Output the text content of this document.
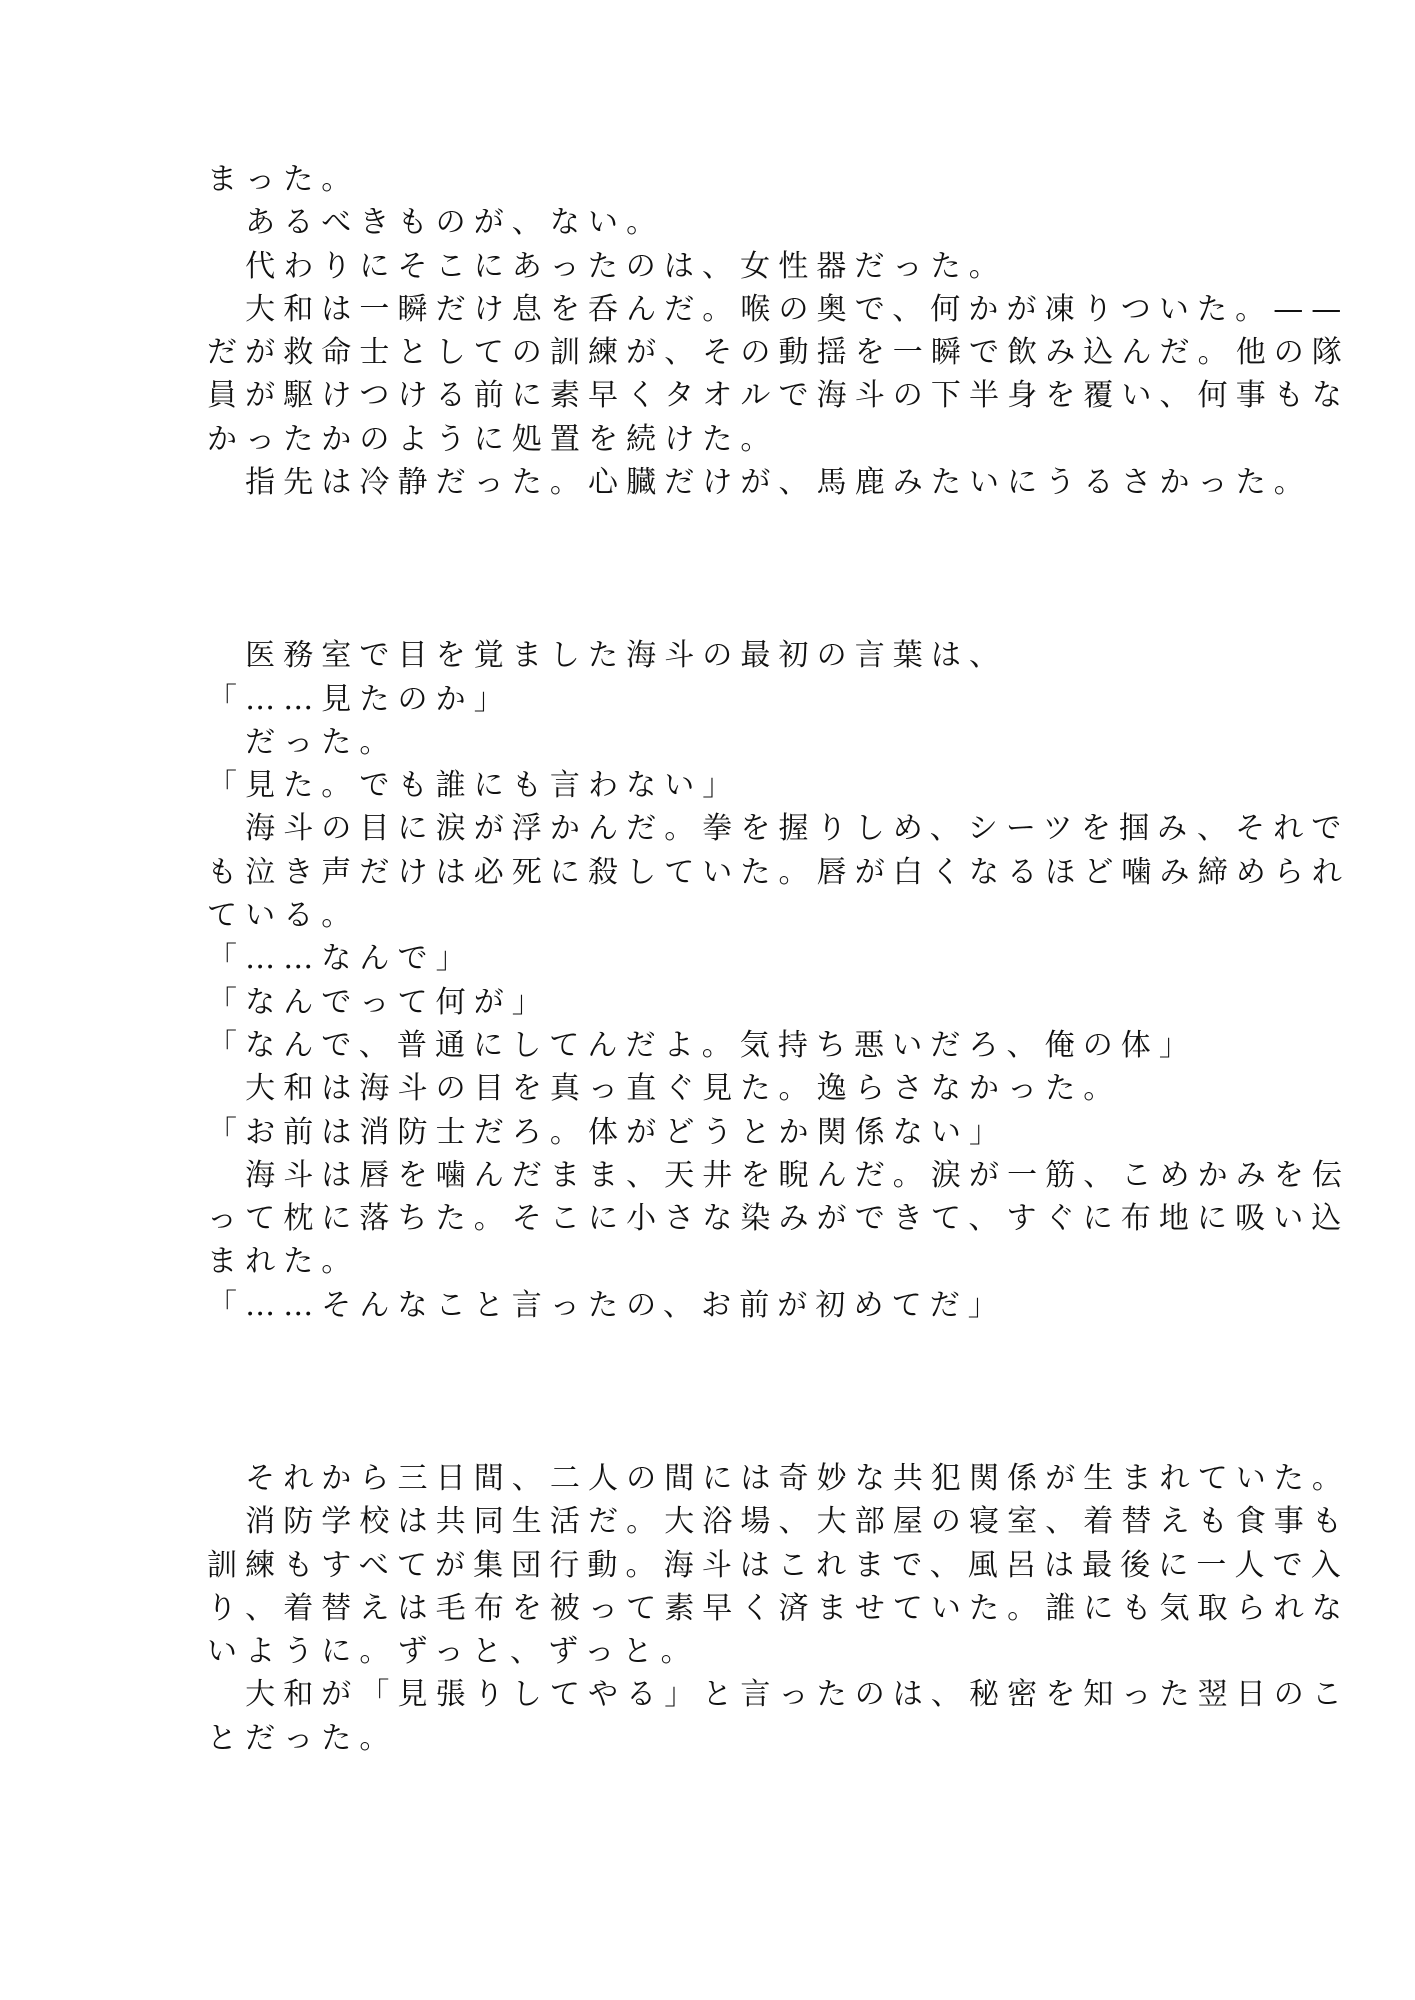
まった。
　あるべきものが、ない。
　代わりにそこにあったのは、女性器だった。
　大和は一瞬だけ息を呑んだ。喉の奥で、何かが凍りついた。——
だが救命士としての訓練が、その動揺を一瞬で飲み込んだ。他の隊
員が駆けつける前に素早くタオルで海斗の下半身を覆い、何事もな
かったかのように処置を続けた。
　指先は冷静だった。心臓だけが、馬鹿みたいにうるさかった。
　医務室で目を覚ました海斗の最初の言葉は、
「……見たのか」
　だった。
「見た。でも誰にも言わない」
　海斗の目に涙が浮かんだ。拳を握りしめ、シーツを掴み、それで
も泣き声だけは必死に殺していた。唇が白くなるほど噛み締められ
ている。
「……なんで」
「なんでって何が」
「なんで、普通にしてんだよ。気持ち悪いだろ、俺の体」
　大和は海斗の目を真っ直ぐ見た。逸らさなかった。
「お前は消防士だろ。体がどうとか関係ない」
　海斗は唇を噛んだまま、天井を睨んだ。涙が一筋、こめかみを伝
って枕に落ちた。そこに小さな染みができて、すぐに布地に吸い込
まれた。
「……そんなこと言ったの、お前が初めてだ」
　それから三日間、二人の間には奇妙な共犯関係が生まれていた。
　消防学校は共同生活だ。大浴場、大部屋の寝室、着替えも食事も
訓練もすべてが集団行動。海斗はこれまで、風呂は最後に一人で入
り、着替えは毛布を被って素早く済ませていた。誰にも気取られな
いように。ずっと、ずっと。
　大和が「見張りしてやる」と言ったのは、秘密を知った翌日のこ
とだった。
